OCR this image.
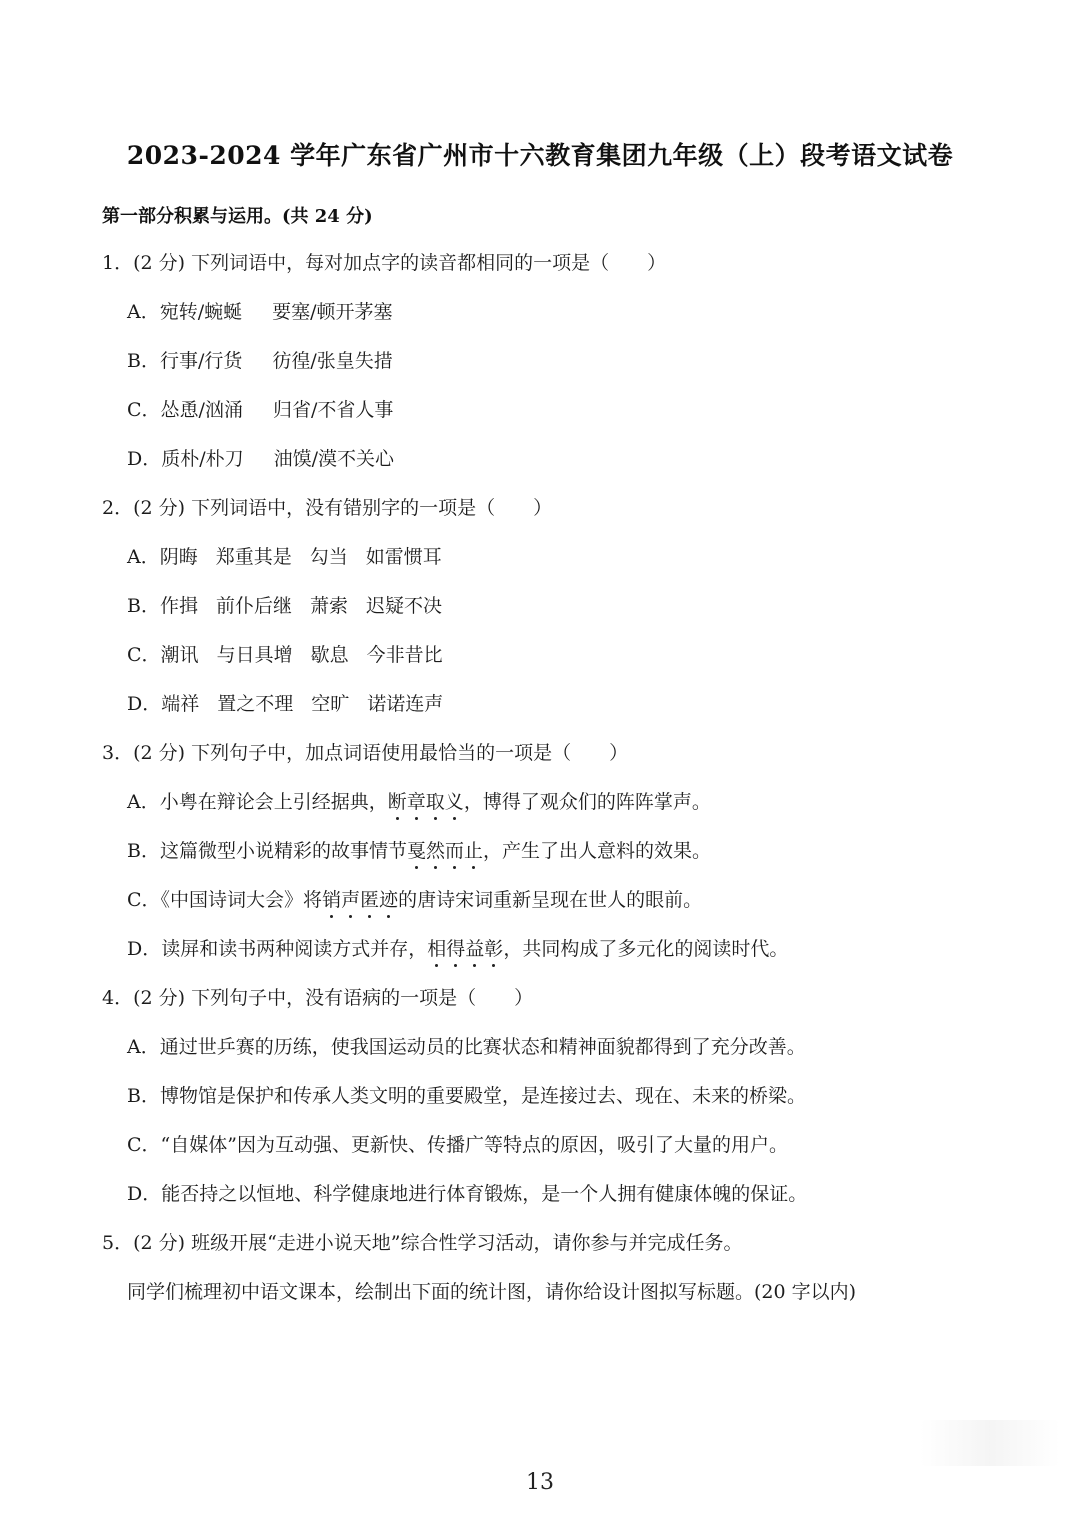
2023-2024 学年广东省广州市十六教育集团九年级（上）段考语文试卷
第一部分积累与运用。(共 24 分)
1．(2 分) 下列词语中，每对加点字的读音都相同的一项是（　　）
A．宛转/蜿蜒 要塞/顿开茅塞
B．行事/行货 彷徨/张皇失措
C．怂恿/汹涌 归省/不省人事
D．质朴/朴刀 油馍/漠不关心
2．(2 分) 下列词语中，没有错别字的一项是（　　）
A．阴晦 郑重其是 勾当 如雷惯耳
B．作揖 前仆后继 萧索 迟疑不决
C．潮讯 与日具增 歇息 今非昔比
D．端祥 置之不理 空旷 诺诺连声
3．(2 分) 下列句子中，加点词语使用最恰当的一项是（　　）
A．小粤在辩论会上引经据典，断章取义，博得了观众们的阵阵掌声。
B．这篇微型小说精彩的故事情节戛然而止，产生了出人意料的效果。
C．《中国诗词大会》将销声匿迹的唐诗宋词重新呈现在世人的眼前。
D．读屏和读书两种阅读方式并存，相得益彰，共同构成了多元化的阅读时代。
4．(2 分) 下列句子中，没有语病的一项是（　　）
A．通过世乒赛的历练，使我国运动员的比赛状态和精神面貌都得到了充分改善。
B．博物馆是保护和传承人类文明的重要殿堂，是连接过去、现在、未来的桥梁。
C．“自媒体”因为互动强、更新快、传播广等特点的原因，吸引了大量的用户。
D．能否持之以恒地、科学健康地进行体育锻炼，是一个人拥有健康体魄的保证。
5．(2 分) 班级开展“走进小说天地”综合性学习活动，请你参与并完成任务。
同学们梳理初中语文课本，绘制出下面的统计图，请你给设计图拟写标题。(20 字以内)
13
